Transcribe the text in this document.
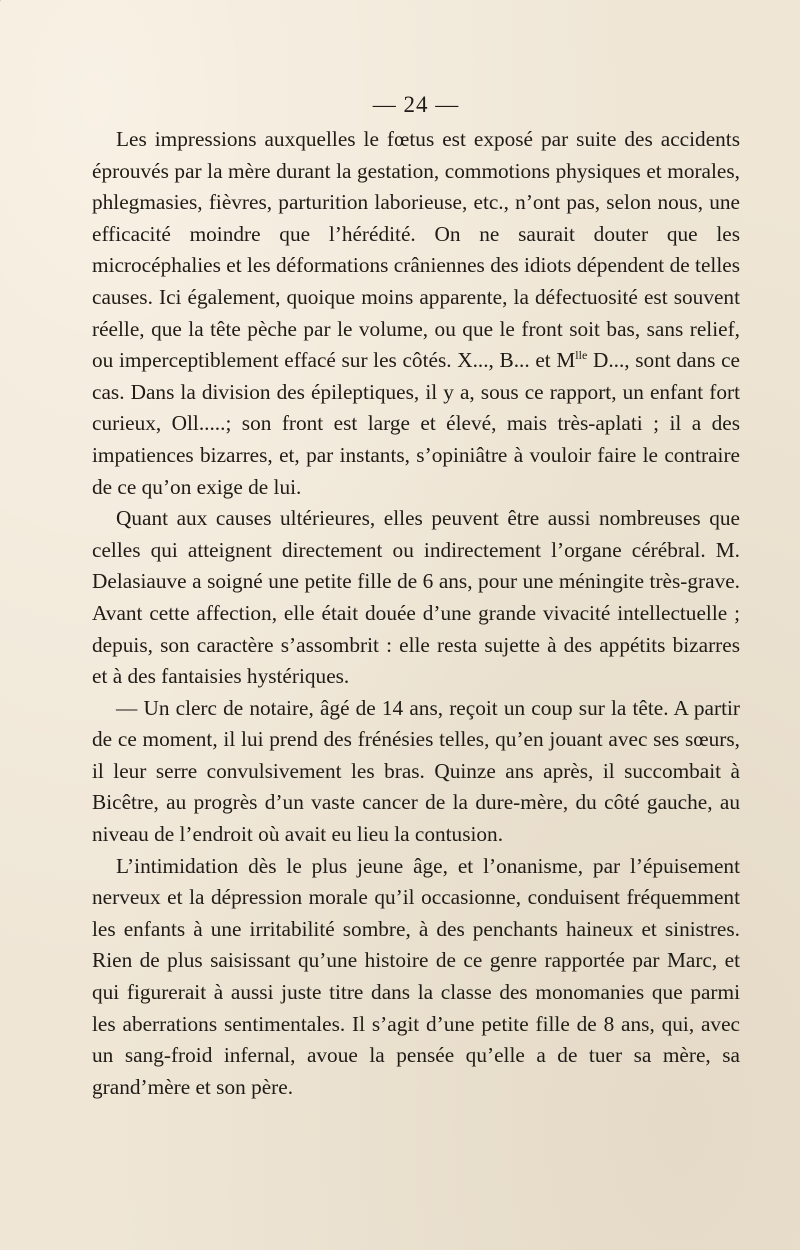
— 24 —

Les impressions auxquelles le fœtus est exposé par suite des accidents éprouvés par la mère durant la gestation, commotions physiques et morales, phlegmasies, fièvres, parturition laborieuse, etc., n’ont pas, selon nous, une efficacité moindre que l’hérédité. On ne saurait douter que les microcéphalies et les déformations crâniennes des idiots dépendent de telles causes. Ici également, quoique moins apparente, la défectuosité est souvent réelle, que la tête pèche par le volume, ou que le front soit bas, sans relief, ou imperceptiblement effacé sur les côtés. X..., B... et $M^{lle}$ D..., sont dans ce cas. Dans la division des épileptiques, il y a, sous ce rapport, un enfant fort curieux, Oll.....; son front est large et élevé, mais très-aplati ; il a des impatiences bizarres, et, par instants, s’opiniâtre à vouloir faire le contraire de ce qu’on exige de lui.

Quant aux causes ultérieures, elles peuvent être aussi nombreuses que celles qui atteignent directement ou indirectement l’organe cérébral. M. Delasiauve a soigné une petite fille de 6 ans, pour une méningite très-grave. Avant cette affection, elle était douée d’une grande vivacité intellectuelle ; depuis, son caractère s’assombrit : elle resta sujette à des appétits bizarres et à des fantaisies hystériques.

— Un clerc de notaire, âgé de 14 ans, reçoit un coup sur la tête. A partir de ce moment, il lui prend des frénésies telles, qu’en jouant avec ses sœurs, il leur serre convulsivement les bras. Quinze ans après, il succombait à Bicêtre, au progrès d’un vaste cancer de la dure-mère, du côté gauche, au niveau de l’endroit où avait eu lieu la contusion.

L’intimidation dès le plus jeune âge, et l’onanisme, par l’épuisement nerveux et la dépression morale qu’il occasionne, conduisent fréquemment les enfants à une irritabilité sombre, à des penchants haineux et sinistres. Rien de plus saisissant qu’une histoire de ce genre rapportée par Marc, et qui figurerait à aussi juste titre dans la classe des monomanies que parmi les aberrations sentimentales. Il s’agit d’une petite fille de 8 ans, qui, avec un sang-froid infernal, avoue la pensée qu’elle a de tuer sa mère, sa grand’mère et son père.
